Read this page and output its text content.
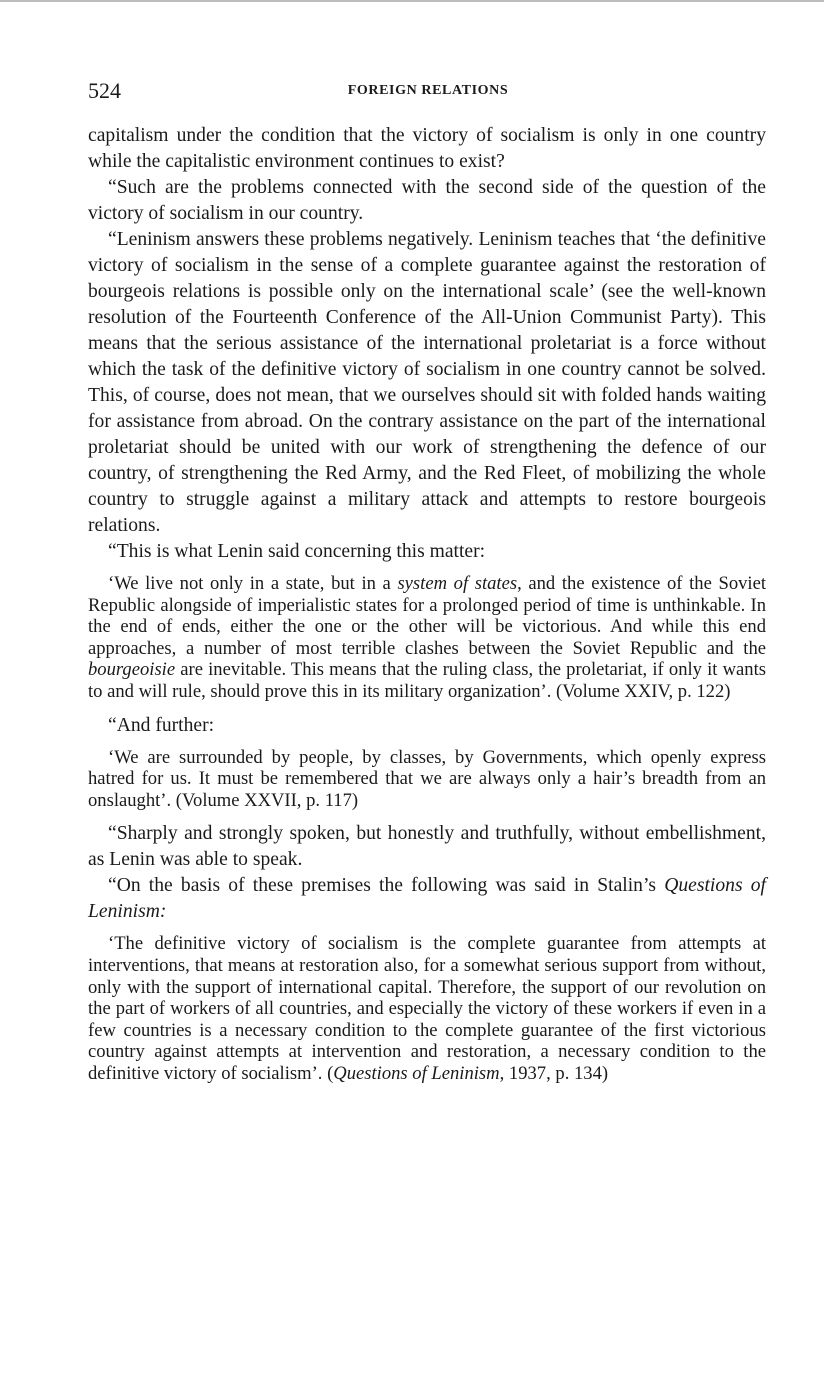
524	FOREIGN RELATIONS

capitalism under the condition that the victory of socialism is only in one country while the capitalistic environment continues to exist?

“Such are the problems connected with the second side of the question of the victory of socialism in our country.

“Leninism answers these problems negatively. Leninism teaches that ‘the definitive victory of socialism in the sense of a complete guarantee against the restoration of bourgeois relations is possible only on the international scale’ (see the well-known resolution of the Fourteenth Conference of the All-Union Communist Party). This means that the serious assistance of the international proletariat is a force without which the task of the definitive victory of socialism in one country cannot be solved. This, of course, does not mean, that we ourselves should sit with folded hands waiting for assistance from abroad. On the contrary assistance on the part of the international proletariat should be united with our work of strengthening the defence of our country, of strengthening the Red Army, and the Red Fleet, of mobilizing the whole country to struggle against a military attack and attempts to restore bourgeois relations.

“This is what Lenin said concerning this matter:

‘We live not only in a state, but in a system of states, and the existence of the Soviet Republic alongside of imperialistic states for a prolonged period of time is unthinkable. In the end of ends, either the one or the other will be victorious. And while this end approaches, a number of most terrible clashes between the Soviet Republic and the bourgeoisie are inevitable. This means that the ruling class, the proletariat, if only it wants to and will rule, should prove this in its military organization’. (Volume XXIV, p. 122)

“And further:

‘We are surrounded by people, by classes, by Governments, which openly express hatred for us. It must be remembered that we are always only a hair’s breadth from an onslaught’. (Volume XXVII, p. 117)

“Sharply and strongly spoken, but honestly and truthfully, without embellishment, as Lenin was able to speak.

“On the basis of these premises the following was said in Stalin’s Questions of Leninism:

‘The definitive victory of socialism is the complete guarantee from attempts at interventions, that means at restoration also, for a somewhat serious support from without, only with the support of international capital. Therefore, the support of our revolution on the part of workers of all countries, and especially the victory of these workers if even in a few countries is a necessary condition to the complete guarantee of the first victorious country against attempts at intervention and restoration, a necessary condition to the definitive victory of socialism’. (Questions of Leninism, 1937, p. 134)
